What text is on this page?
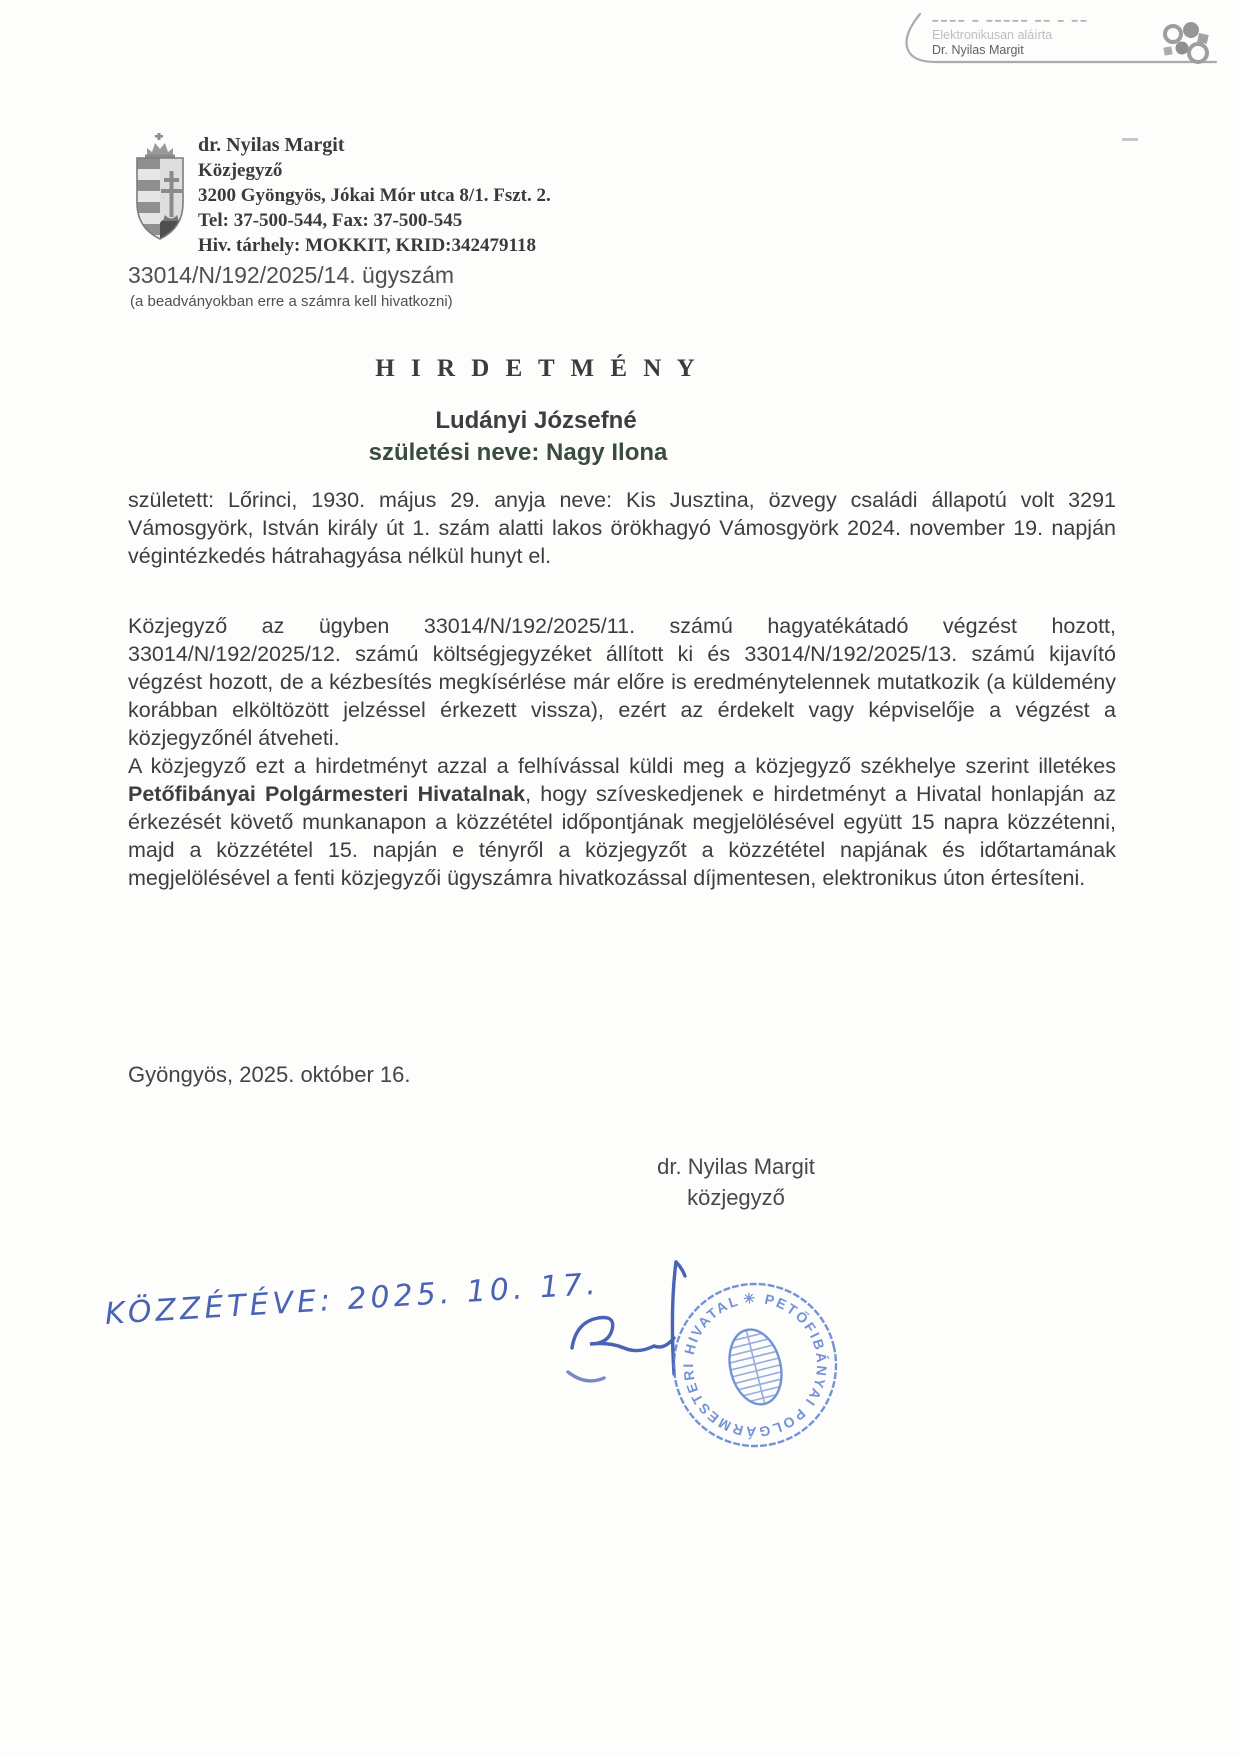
–––– – ––––– –– – ––
Elektronikusan aláírta
Dr. Nyilas Margit
dr. Nyilas Margit
Közjegyző
3200 Gyöngyös, Jókai Mór utca 8/1. Fszt. 2.
Tel: 37-500-544, Fax: 37-500-545
Hiv. tárhely: MOKKIT, KRID:342479118
33014/N/192/2025/14. ügyszám
(a beadványokban erre a számra kell hivatkozni)
H I R D E T M É N Y
Ludányi Józsefné
születési neve: Nagy Ilona

született: Lőrinci, 1930. május 29. anyja neve: Kis Jusztina, özvegy családi állapotú volt 3291 Vámosgyörk, István király út 1. szám alatti lakos örökhagyó Vámosgyörk 2024. november 19. napján végintézkedés hátrahagyása nélkül hunyt el.

Közjegyző az ügyben 33014/N/192/2025/11. számú hagyatékátadó végzést hozott, 33014/N/192/2025/12. számú költségjegyzéket állított ki és 33014/N/192/2025/13. számú kijavító végzést hozott, de a kézbesítés megkísérlése már előre is eredménytelennek mutatkozik (a küldemény korábban elköltözött jelzéssel érkezett vissza), ezért az érdekelt vagy képviselője a végzést a közjegyzőnél átveheti.

A közjegyző ezt a hirdetményt azzal a felhívással küldi meg a közjegyző székhelye szerint illetékes Petőfibányai Polgármesteri Hivatalnak, hogy szíveskedjenek e hirdetményt a Hivatal honlapján az érkezését követő munkanapon a közzététel időpontjának megjelölésével együtt 15 napra közzétenni, majd a közzététel 15. napján e tényről a közjegyzőt a közzététel napjának és időtartamának megjelölésével a fenti közjegyzői ügyszámra hivatkozással díjmentesen, elektronikus úton értesíteni.

Gyöngyös, 2025. október 16.
dr. Nyilas Margit
közjegyző
KÖZZÉTÉVE: 2025. 10. 17.	✳ PETŐFIBÁNYAI POLGÁRMESTERI HIVATAL
